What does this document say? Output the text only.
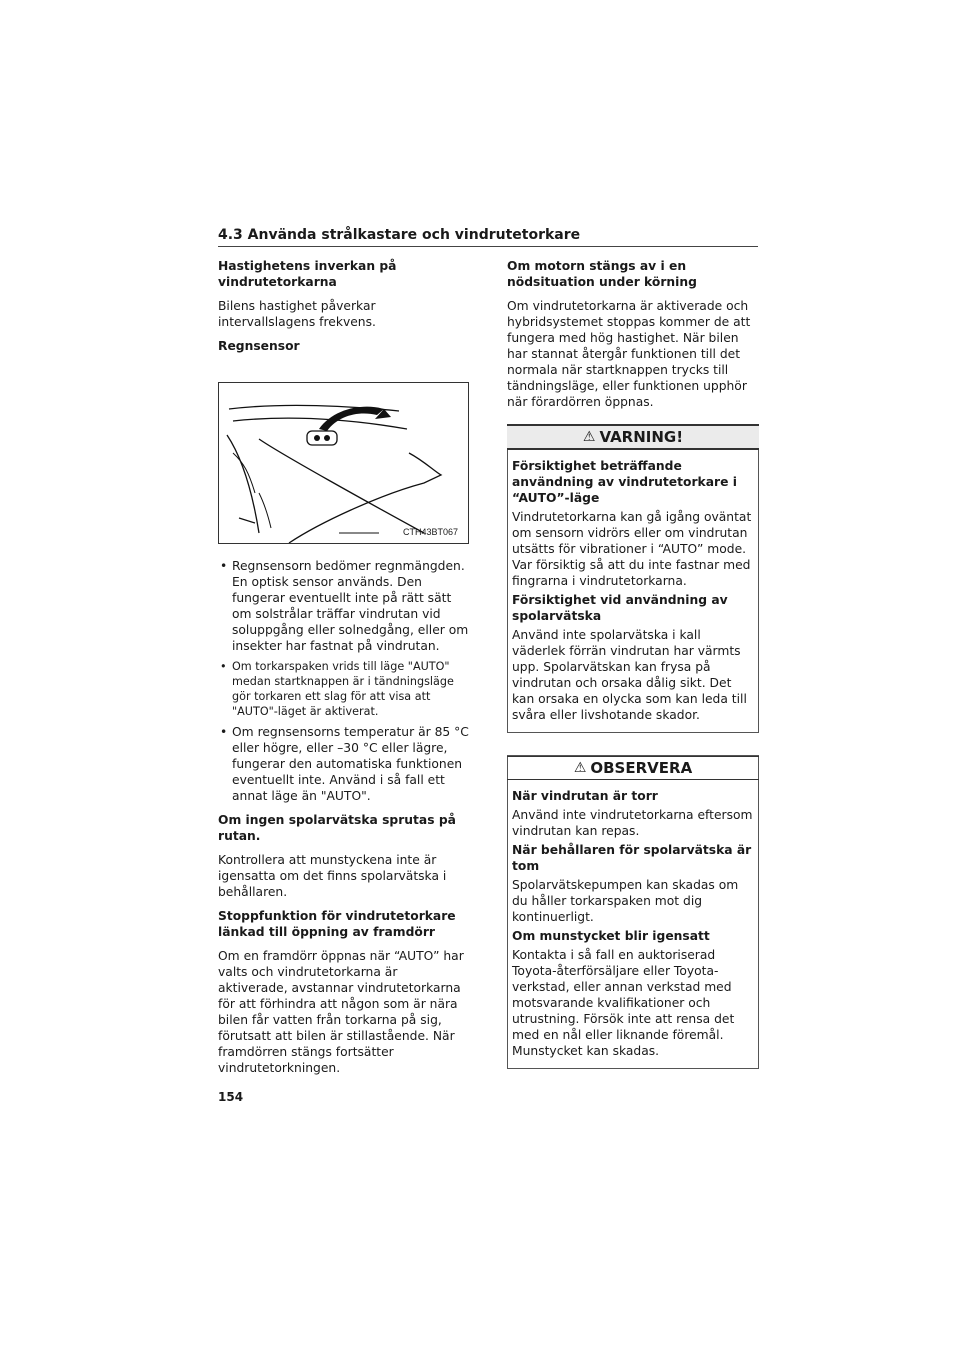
4.3 Använda strålkastare och vindrutetorkare

Hastighetens inverkan på vindrutetorkarna

Bilens hastighet påverkar intervallslagens frekvens.

Regnsensor

CTH43BT067
• Regnsensorn bedömer regnmängden. En optisk sensor används. Den fungerar eventuellt inte på rätt sätt om solstrålar träffar vindrutan vid soluppgång eller solnedgång, eller om insekter har fastnat på vindrutan.
• Om torkarspaken vrids till läge "AUTO" medan startknappen är i tändningsläge gör torkaren ett slag för att visa att "AUTO"-läget är aktiverat.
• Om regnsensorns temperatur är 85 °C eller högre, eller –30 °C eller lägre, fungerar den automatiska funktionen eventuellt inte. Använd i så fall ett annat läge än "AUTO".

Om ingen spolarvätska sprutas på rutan.

Kontrollera att munstyckena inte är igensatta om det finns spolarvätska i behållaren.

Stoppfunktion för vindrutetorkare länkad till öppning av framdörr

Om en framdörr öppnas när “AUTO” har valts och vindrutetorkarna är aktiverade, avstannar vindrutetorkarna för att förhindra att någon som är nära bilen får vatten från torkarna på sig, förutsatt att bilen är stillastående. När framdörren stängs fortsätter vindrutetorkningen.

Om motorn stängs av i en nödsituation under körning

Om vindrutetorkarna är aktiverade och hybridsystemet stoppas kommer de att fungera med hög hastighet. När bilen har stannat återgår funktionen till det normala när startknappen trycks till tändningsläge, eller funktionen upphör när förardörren öppnas.

⚠ VARNING!

Försiktighet beträffande användning av vindrutetorkare i “AUTO”-läge

Vindrutetorkarna kan gå igång oväntat om sensorn vidrörs eller om vindrutan utsätts för vibrationer i “AUTO” mode. Var försiktig så att du inte fastnar med fingrarna i vindrutetorkarna.

Försiktighet vid användning av spolarvätska

Använd inte spolarvätska i kall väderlek förrän vindrutan har värmts upp. Spolarvätskan kan frysa på vindrutan och orsaka dålig sikt. Det kan orsaka en olycka som kan leda till svåra eller livshotande skador.

⚠ OBSERVERA

När vindrutan är torr

Använd inte vindrutetorkarna eftersom vindrutan kan repas.

När behållaren för spolarvätska är tom

Spolarvätskepumpen kan skadas om du håller torkarspaken mot dig kontinuerligt.

Om munstycket blir igensatt

Kontakta i så fall en auktoriserad Toyota-återförsäljare eller Toyota-verkstad, eller annan verkstad med motsvarande kvalifikationer och utrustning. Försök inte att rensa det med en nål eller liknande föremål. Munstycket kan skadas.

154
